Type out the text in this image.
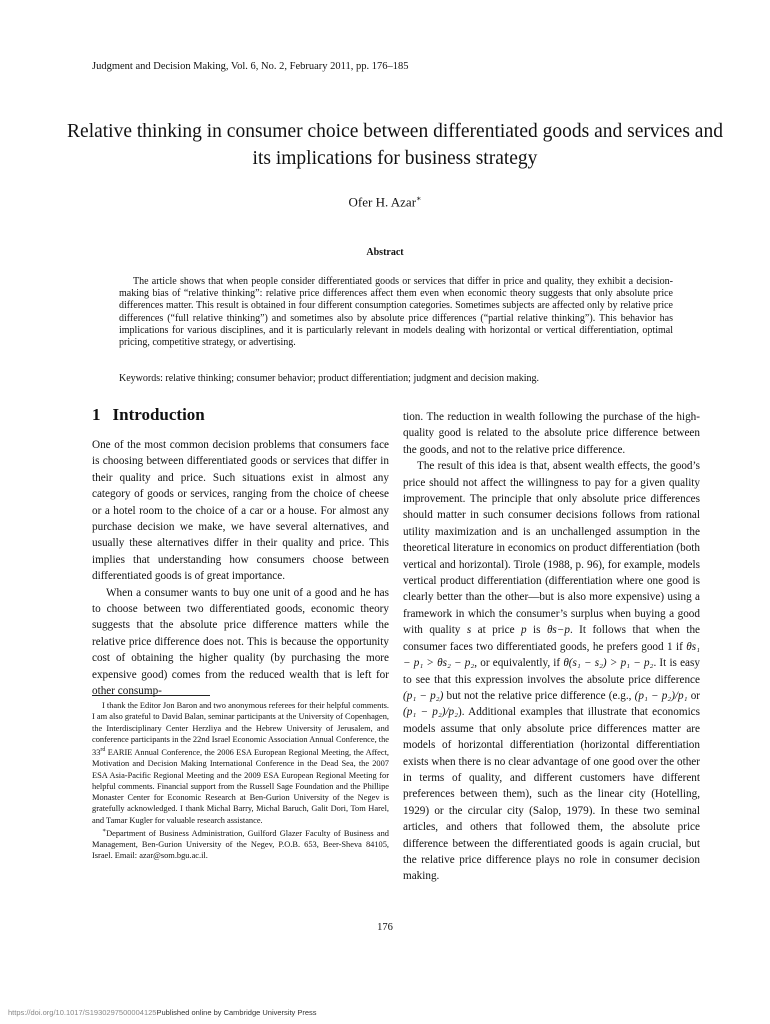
Judgment and Decision Making, Vol. 6, No. 2, February 2011, pp. 176–185
Relative thinking in consumer choice between differentiated goods and services and its implications for business strategy
Ofer H. Azar∗
Abstract
The article shows that when people consider differentiated goods or services that differ in price and quality, they exhibit a decision-making bias of “relative thinking”: relative price differences affect them even when economic theory suggests that only absolute price differences matter. This result is obtained in four different consumption categories. Sometimes subjects are affected only by relative price differences (“full relative thinking”) and sometimes also by absolute price differences (“partial relative thinking”). This behavior has implications for various disciplines, and it is particularly relevant in models dealing with horizontal or vertical differentiation, optimal pricing, competitive strategy, or advertising.
Keywords: relative thinking; consumer behavior; product differentiation; judgment and decision making.
1 Introduction

One of the most common decision problems that consumers face is choosing between differentiated goods or services that differ in their quality and price. Such situations exist in almost any category of goods or services, ranging from the choice of cheese or a hotel room to the choice of a car or a house. For almost any purchase decision we make, we have several alternatives, and usually these alternatives differ in their quality and price. This implies that understanding how consumers choose between differentiated goods is of great importance.

When a consumer wants to buy one unit of a good and he has to choose between two differentiated goods, economic theory suggests that the absolute price difference matters while the relative price difference does not. This is because the opportunity cost of obtaining the higher quality (by purchasing the more expensive good) comes from the reduced wealth that is left for other consump-

I thank the Editor Jon Baron and two anonymous referees for their helpful comments. I am also grateful to David Balan, seminar participants at the University of Copenhagen, the Interdisciplinary Center Herzliya and the Hebrew University of Jerusalem, and conference participants in the 22nd Israel Economic Association Annual Conference, the 33rd EARIE Annual Conference, the 2006 ESA European Regional Meeting, the Affect, Motivation and Decision Making International Conference in the Dead Sea, the 2007 ESA Asia-Pacific Regional Meeting and the 2009 ESA European Regional Meeting for helpful comments. Financial support from the Russell Sage Foundation and the Phillipe Monaster Center for Economic Research at Ben-Gurion University of the Negev is gratefully acknowledged. I thank Michal Barry, Michal Baruch, Galit Dori, Tom Harel, and Tamar Kugler for valuable research assistance.

∗Department of Business Administration, Guilford Glazer Faculty of Business and Management, Ben-Gurion University of the Negev, P.O.B. 653, Beer-Sheva 84105, Israel. Email: azar@som.bgu.ac.il.

tion. The reduction in wealth following the purchase of the high-quality good is related to the absolute price difference between the goods, and not to the relative price difference.

The result of this idea is that, absent wealth effects, the good’s price should not affect the willingness to pay for a given quality improvement. The principle that only absolute price differences should matter in such consumer decisions follows from rational utility maximization and is an unchallenged assumption in the theoretical literature in economics on product differentiation (both vertical and horizontal). Tirole (1988, p. 96), for example, models vertical product differentiation (differentiation where one good is clearly better than the other—but is also more expensive) using a framework in which the consumer’s surplus when buying a good with quality s at price p is θs−p. It follows that when the consumer faces two differentiated goods, he prefers good 1 if θs₁ − p₁ > θs₂ − p₂, or equivalently, if θ(s₁ − s₂) > p₁ − p₂. It is easy to see that this expression involves the absolute price difference (p₁ − p₂) but not the relative price difference (e.g., (p₁ − p₂)/p₁ or (p₁ − p₂)/p₂). Additional examples that illustrate that economics models assume that only absolute price differences matter are models of horizontal differentiation (horizontal differentiation exists when there is no clear advantage of one good over the other in terms of quality, and different customers have different preferences between them), such as the linear city (Hotelling, 1929) or the circular city (Salop, 1979). In these two seminal articles, and others that followed them, the absolute price difference between the differentiated goods is again crucial, but the relative price difference plays no role in consumer decision making.

176
https://doi.org/10.1017/S1930297500004125Published online by Cambridge University Press
